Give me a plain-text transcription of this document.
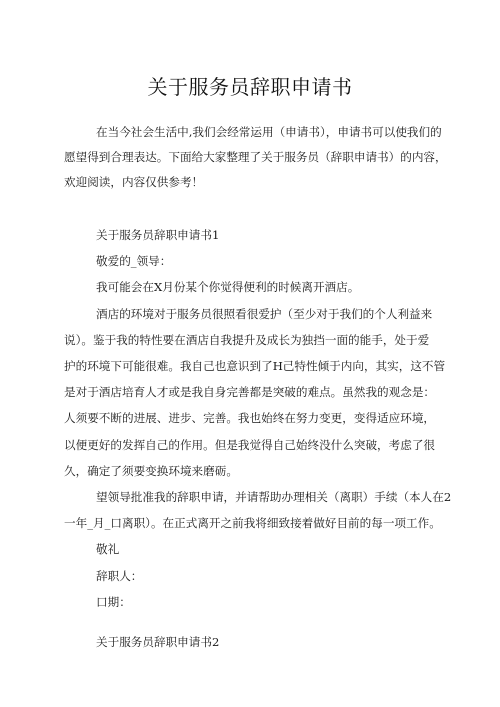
关于服务员辞职申请书
在当今社会生活中,我们会经常运用（申请书），申请书可以使我们的
愿望得到合理表达。下面给大家整理了关于服务员（辞职申请书）的内容，
欢迎阅读，内容仅供参考！
关于服务员辞职申请书1
敬爱的_领导：
我可能会在X月份某个你觉得便利的时候离开酒店。
酒店的环境对于服务员很照看很爱护（至少对于我们的个人利益来
说）。鉴于我的特性要在酒店自我提升及成长为独挡一面的能手，处于爱
护的环境下可能很难。我自己也意识到了H己特性倾于内向，其实，这不管
是对于酒店培育人才或是我自身完善都是突破的难点。虽然我的观念是：
人须要不断的进展、进步、完善。我也始终在努力变更，变得适应环境，
以便更好的发挥自己的作用。但是我觉得自己始终没什么突破，考虑了很
久，确定了须要变换环境来磨砺。
望领导批准我的辞职申请，并请帮助办理相关（离职）手续（本人在2
一年_月_口离职）。在正式离开之前我将细致接着做好目前的每一项工作。
敬礼
辞职人：
口期：
关于服务员辞职申请书2
